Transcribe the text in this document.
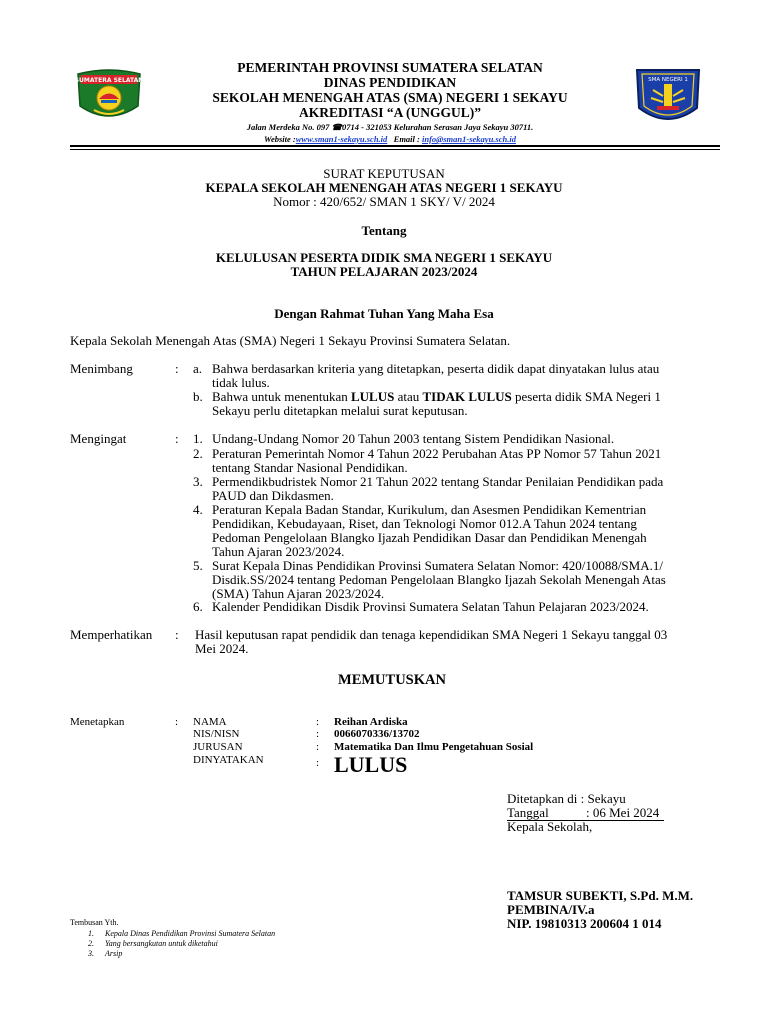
SUMATERA SELATAN	SMA NEGERI 1
PEMERINTAH PROVINSI SUMATERA SELATAN
DINAS PENDIDIKAN
SEKOLAH MENENGAH ATAS (SMA) NEGERI 1 SEKAYU
AKREDITASI “A (UNGGUL)”
Jalan Merdeka No. 097 ☎0714 - 321053 Kelurahan Serasan Jaya Sekayu 30711.
Website :www.sman1-sekayu.sch.id Email : info@sman1-sekayu.sch.id
SURAT KEPUTUSAN
KEPALA SEKOLAH MENENGAH ATAS NEGERI 1 SEKAYU
Nomor : 420/652/ SMAN 1 SKY/ V/ 2024
Tentang
KELULUSAN PESERTA DIDIK SMA NEGERI 1 SEKAYU
TAHUN PELAJARAN 2023/2024
Dengan Rahmat Tuhan Yang Maha Esa
Kepala Sekolah Menengah Atas (SMA) Negeri 1 Sekayu Provinsi Sumatera Selatan.
Menimbang	: a. Bahwa berdasarkan kriteria yang ditetapkan, peserta didik dapat dinyatakan lulus atau
tidak lulus.
b. Bahwa untuk menentukan LULUS atau TIDAK LULUS peserta didik SMA Negeri 1
Sekayu perlu ditetapkan melalui surat keputusan.
Mengingat	: 1. Undang-Undang Nomor 20 Tahun 2003 tentang Sistem Pendidikan Nasional.
2. Peraturan Pemerintah Nomor 4 Tahun 2022 Perubahan Atas PP Nomor 57 Tahun 2021
tentang Standar Nasional Pendidikan.
3. Permendikbudristek Nomor 21 Tahun 2022 tentang Standar Penilaian Pendidikan pada
PAUD dan Dikdasmen.
4. Peraturan Kepala Badan Standar, Kurikulum, dan Asesmen Pendidikan Kementrian
Pendidikan, Kebudayaan, Riset, dan Teknologi Nomor 012.A Tahun 2024 tentang
Pedoman Pengelolaan Blangko Ijazah Pendidikan Dasar dan Pendidikan Menengah
Tahun Ajaran 2023/2024.
5. Surat Kepala Dinas Pendidikan Provinsi Sumatera Selatan Nomor: 420/10088/SMA.1/
Disdik.SS/2024 tentang Pedoman Pengelolaan Blangko Ijazah Sekolah Menengah Atas
(SMA) Tahun Ajaran 2023/2024.
6. Kalender Pendidikan Disdik Provinsi Sumatera Selatan Tahun Pelajaran 2023/2024.
Memperhatikan : Hasil keputusan rapat pendidik dan tenaga kependidikan SMA Negeri 1 Sekayu tanggal 03
Mei 2024.
MEMUTUSKAN
Menetapkan	: NAMA	: Reihan Ardiska
NIS/NISN	: 0066070336/13702
JURUSAN	: Matematika Dan Ilmu Pengetahuan Sosial
DINYATAKAN	: LULUS
Ditetapkan di : Sekayu
Tanggal	: 06 Mei 2024
Kepala Sekolah,
TAMSUR SUBEKTI, S.Pd. M.M.
PEMBINA/IV.a
NIP. 19810313 200604 1 014
Tembusan Yth.
1. Kepala Dinas Pendidikan Provinsi Sumatera Selatan
2. Yang bersangkutan untuk diketahui
3. Arsip
